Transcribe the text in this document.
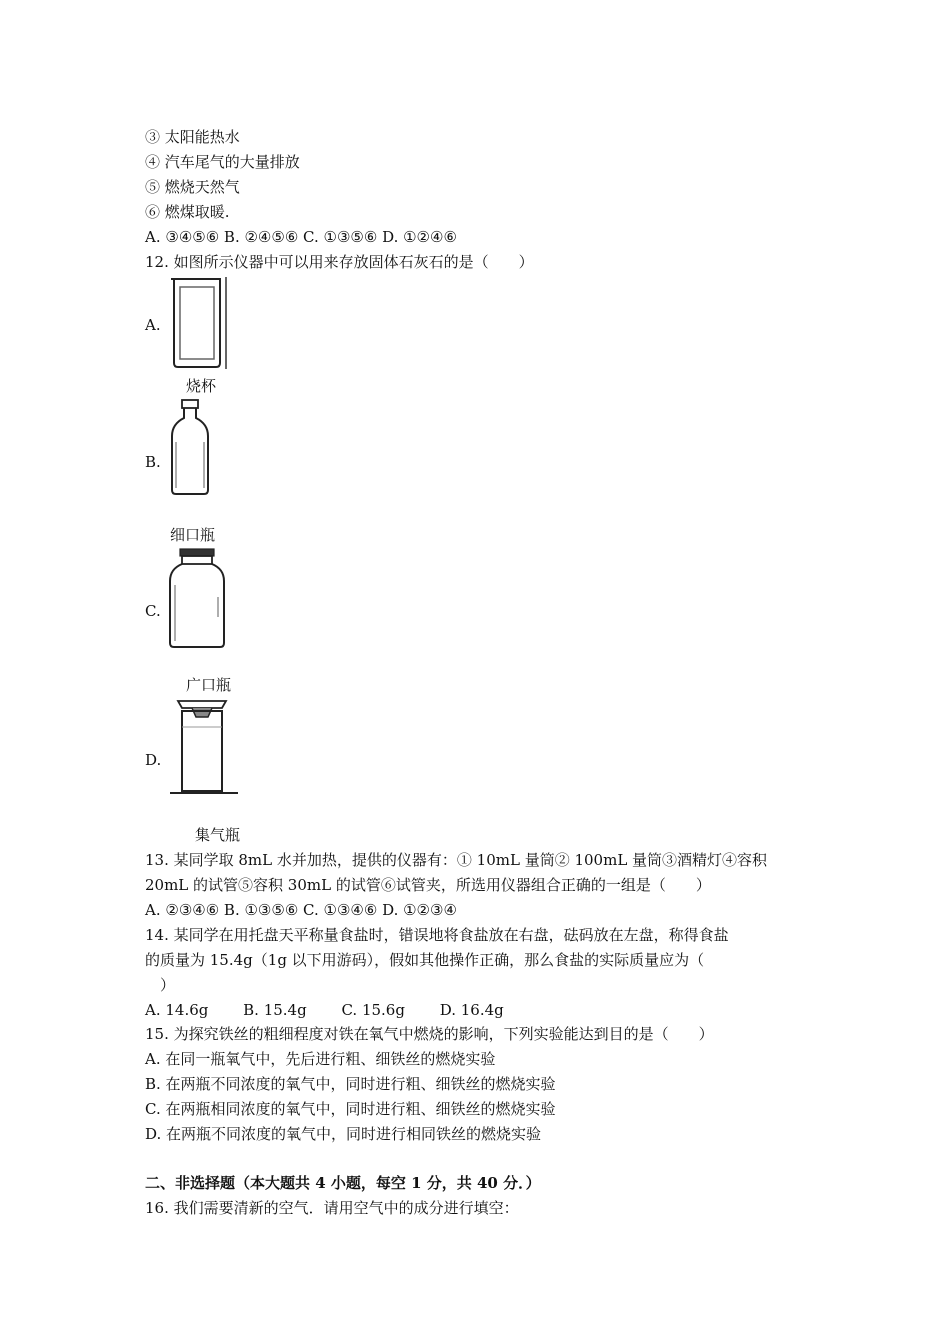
③ 太阳能热水
④ 汽车尾气的大量排放
⑤ 燃烧天然气
⑥ 燃煤取暖.
A. ③④⑤⑥ B. ②④⑤⑥ C. ①③⑤⑥ D. ①②④⑥
12. 如图所示仪器中可以用来存放固体石灰石的是（　　）
A.
烧杯
B.
细口瓶
C.
广口瓶
D.
集气瓶
13. 某同学取 8mL 水并加热，提供的仪器有：① 10mL 量筒② 100mL 量筒③酒精灯④容积
20mL 的试管⑤容积 30mL 的试管⑥试管夹，所选用仪器组合正确的一组是（　　）
A. ②③④⑥ B. ①③⑤⑥ C. ①③④⑥ D. ①②③④
14. 某同学在用托盘天平称量食盐时，错误地将食盐放在右盘，砝码放在左盘，称得食盐
的质量为 15.4g（1g 以下用游码），假如其他操作正确，那么食盐的实际质量应为（
　）
A. 14.6g 　　B. 15.4g 　　C. 15.6g 　　D. 16.4g
15. 为探究铁丝的粗细程度对铁在氧气中燃烧的影响，下列实验能达到目的是（　　）
A. 在同一瓶氧气中，先后进行粗、细铁丝的燃烧实验
B. 在两瓶不同浓度的氧气中，同时进行粗、细铁丝的燃烧实验
C. 在两瓶相同浓度的氧气中，同时进行粗、细铁丝的燃烧实验
D. 在两瓶不同浓度的氧气中，同时进行相同铁丝的燃烧实验
二、非选择题（本大题共 4 小题，每空 1 分，共 40 分．）
16. 我们需要清新的空气．请用空气中的成分进行填空：
